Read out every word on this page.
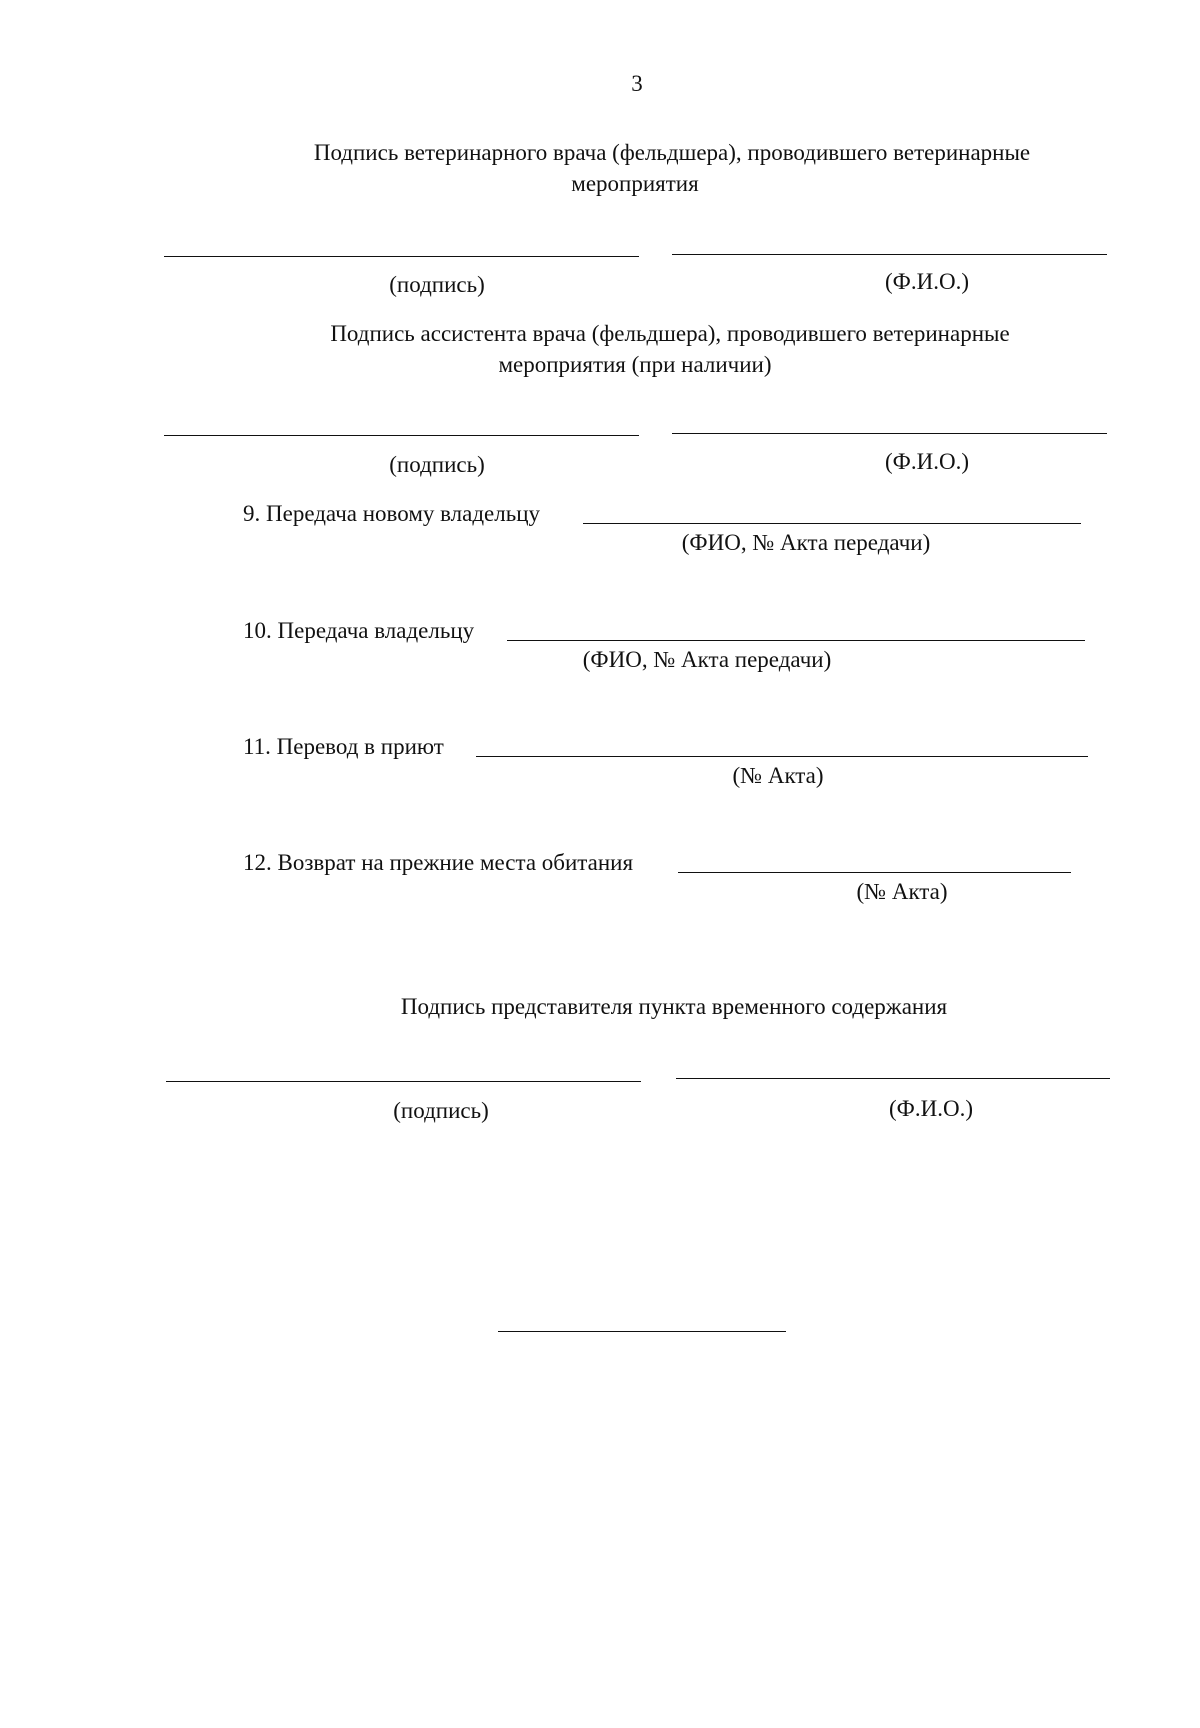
3
Подпись ветеринарного врача (фельдшера), проводившего ветеринарные
мероприятия
(подпись)	(Ф.И.О.)
Подпись ассистента врача (фельдшера), проводившего ветеринарные
мероприятия (при наличии)
(подпись)	(Ф.И.О.)
9. Передача новому владельцу
(ФИО, № Акта передачи)
10. Передача владельцу
(ФИО, № Акта передачи)
11. Перевод в приют
(№ Акта)
12. Возврат на прежние места обитания
(№ Акта)
Подпись представителя пункта временного содержания
(подпись)	(Ф.И.О.)
